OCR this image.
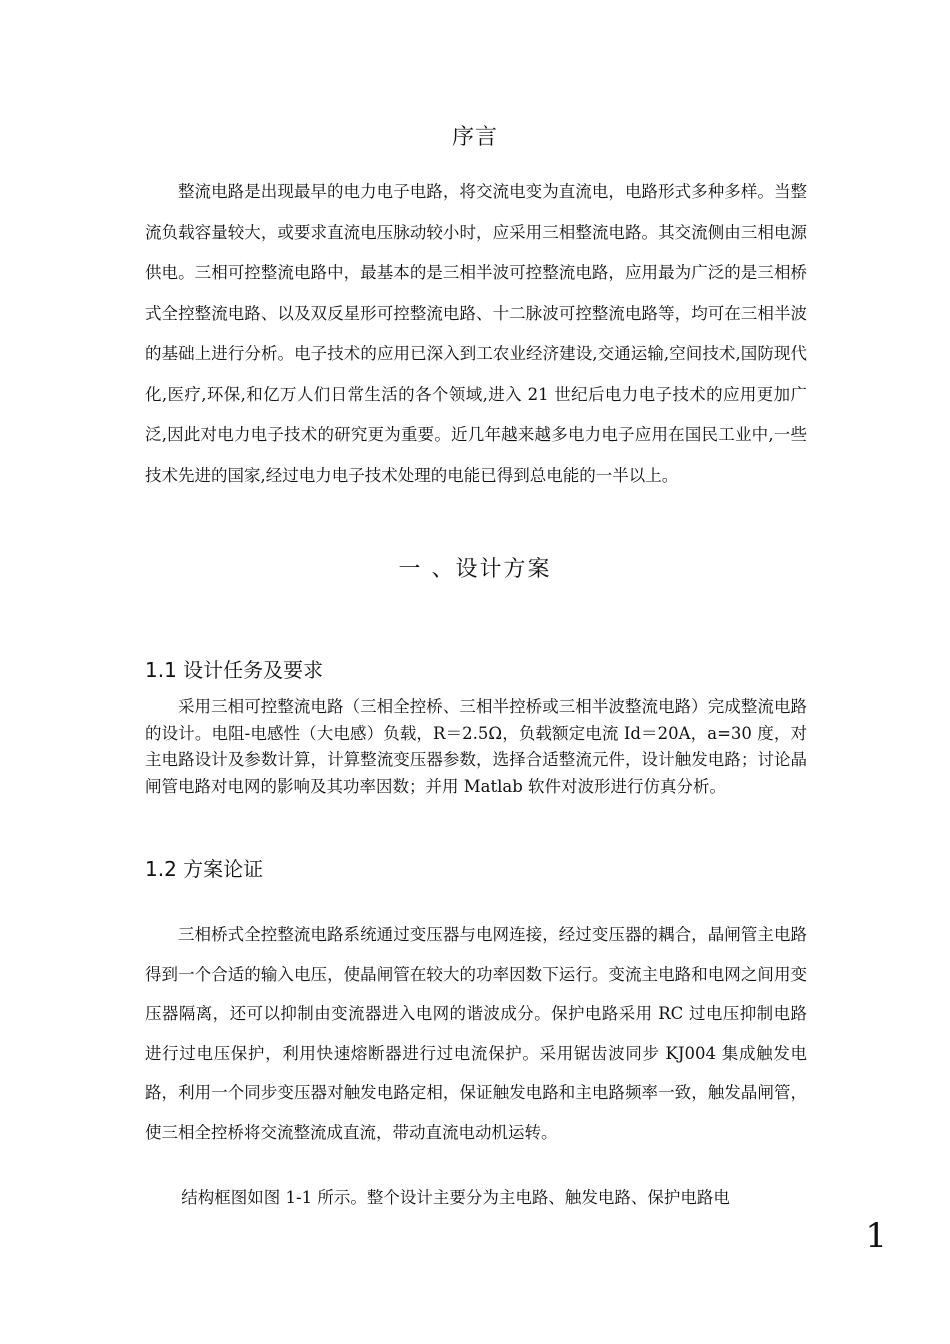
序言

整流电路是出现最早的电力电子电路，将交流电变为直流电，电路形式多种多样。当整流负载容量较大，或要求直流电压脉动较小时，应采用三相整流电路。其交流侧由三相电源供电。三相可控整流电路中，最基本的是三相半波可控整流电路，应用最为广泛的是三相桥式全控整流电路、以及双反星形可控整流电路、十二脉波可控整流电路等，均可在三相半波的基础上进行分析。电子技术的应用已深入到工农业经济建设,交通运输,空间技术,国防现代化,医疗,环保,和亿万人们日常生活的各个领域,进入 21 世纪后电力电子技术的应用更加广泛,因此对电力电子技术的研究更为重要。近几年越来越多电力电子应用在国民工业中,一些技术先进的国家,经过电力电子技术处理的电能已得到总电能的一半以上。

一 、设计方案
1.1 设计任务及要求

采用三相可控整流电路（三相全控桥、三相半控桥或三相半波整流电路）完成整流电路的设计。电阻-电感性（大电感）负载，R＝2.5Ω，负载额定电流 Id＝20A，a=30 度，对主电路设计及参数计算，计算整流变压器参数，选择合适整流元件，设计触发电路；讨论晶闸管电路对电网的影响及其功率因数；并用 Matlab 软件对波形进行仿真分析。

1.2 方案论证

三相桥式全控整流电路系统通过变压器与电网连接，经过变压器的耦合，晶闸管主电路得到一个合适的输入电压，使晶闸管在较大的功率因数下运行。变流主电路和电网之间用变压器隔离，还可以抑制由变流器进入电网的谐波成分。保护电路采用 RC 过电压抑制电路进行过电压保护，利用快速熔断器进行过电流保护。采用锯齿波同步 KJ004 集成触发电路，利用一个同步变压器对触发电路定相，保证触发电路和主电路频率一致，触发晶闸管，使三相全控桥将交流整流成直流，带动直流电动机运转。

结构框图如图 1-1 所示。整个设计主要分为主电路、触发电路、保护电路电

1
